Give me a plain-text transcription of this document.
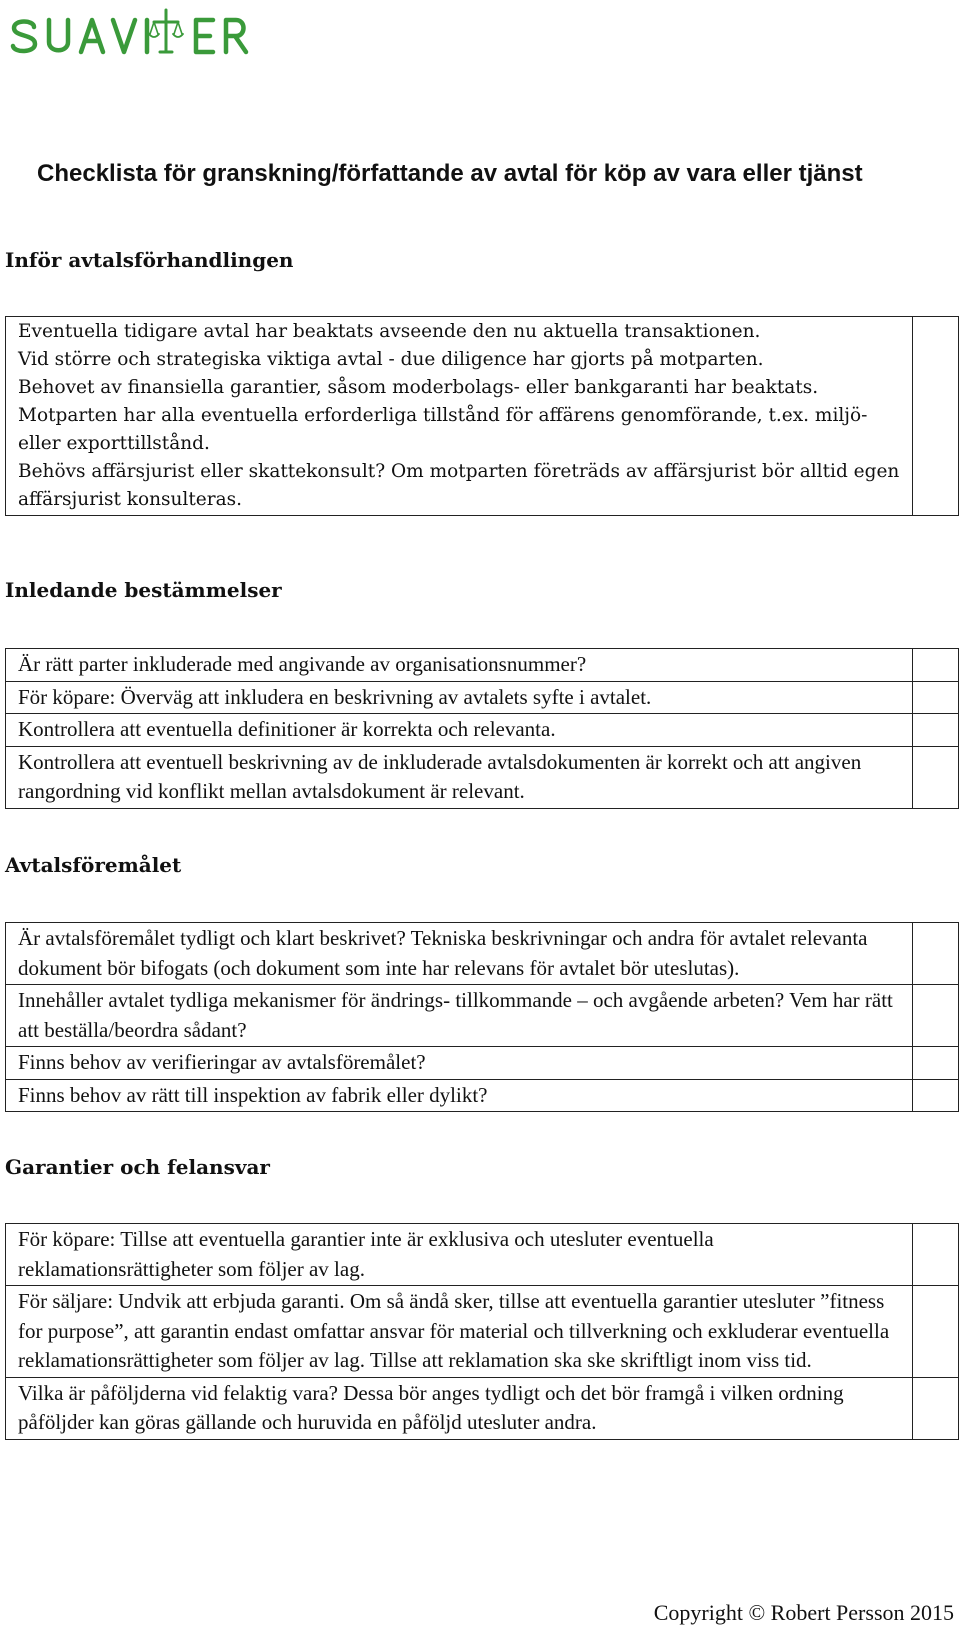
Checklista för granskning/författande av avtal för köp av vara eller tjänst
Inför avtalsförhandlingen
Eventuella tidigare avtal har beaktats avseende den nu aktuella transaktionen.
Vid större och strategiska viktiga avtal - due diligence har gjorts på motparten.
Behovet av finansiella garantier, såsom moderbolags- eller bankgaranti har beaktats.
Motparten har alla eventuella erforderliga tillstånd för affärens genomförande, t.ex. miljö- eller exporttillstånd.
Behövs affärsjurist eller skattekonsult? Om motparten företräds av affärsjurist bör alltid egen affärsjurist konsulteras.

Inledande bestämmelser
Är rätt parter inkluderade med angivande av organisationsnummer?	
För köpare: Överväg att inkludera en beskrivning av avtalets syfte i avtalet.	
Kontrollera att eventuella definitioner är korrekta och relevanta.	
Kontrollera att eventuell beskrivning av de inkluderade avtalsdokumenten är korrekt och att angiven rangordning vid konflikt mellan avtalsdokument är relevant.	
Avtalsföremålet
Är avtalsföremålet tydligt och klart beskrivet? Tekniska beskrivningar och andra för avtalet relevanta dokument bör bifogats (och dokument som inte har relevans för avtalet bör uteslutas).	
Innehåller avtalet tydliga mekanismer för ändrings- tillkommande – och avgående arbeten? Vem har rätt att beställa/beordra sådant?	
Finns behov av verifieringar av avtalsföremålet?	
Finns behov av rätt till inspektion av fabrik eller dylikt?	
Garantier och felansvar
För köpare: Tillse att eventuella garantier inte är exklusiva och utesluter eventuella reklamationsrättigheter som följer av lag.	
För säljare: Undvik att erbjuda garanti. Om så ändå sker, tillse att eventuella garantier utesluter ”fitness for purpose”, att garantin endast omfattar ansvar för material och tillverkning och exkluderar eventuella reklamationsrättigheter som följer av lag. Tillse att reklamation ska ske skriftligt inom viss tid.	
Vilka är påföljderna vid felaktig vara? Dessa bör anges tydligt och det bör framgå i vilken ordning påföljder kan göras gällande och huruvida en påföljd utesluter andra.	

Copyright © Robert Persson 2015
